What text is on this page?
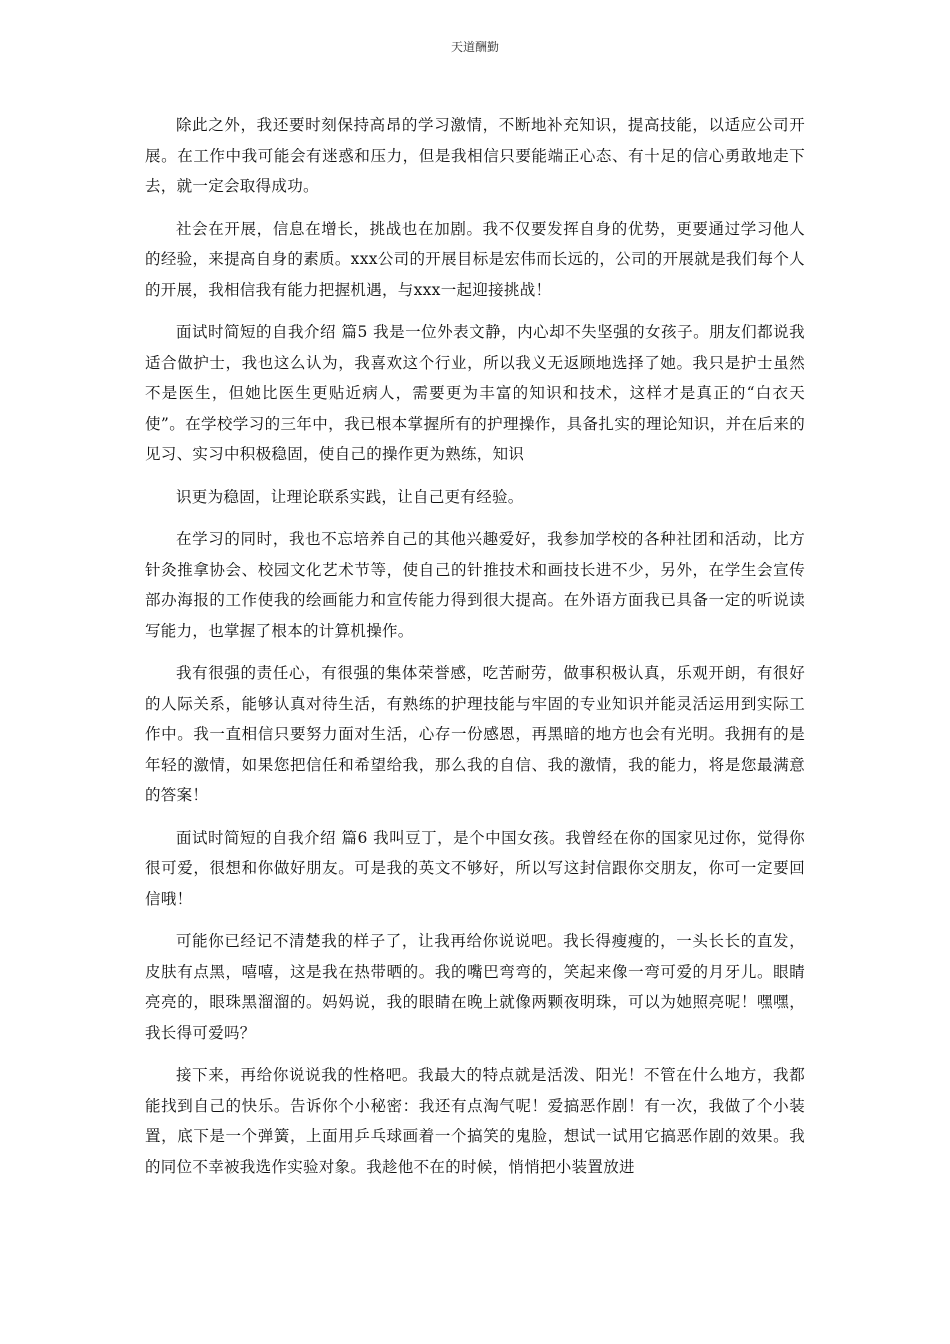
天道酬勤

除此之外，我还要时刻保持高昂的学习激情，不断地补充知识，提高技能，以适应公司开展。在工作中我可能会有迷惑和压力，但是我相信只要能端正心态、有十足的信心勇敢地走下去，就一定会取得成功。

社会在开展，信息在增长，挑战也在加剧。我不仅要发挥自身的优势，更要通过学习他人的经验，来提高自身的素质。xxx公司的开展目标是宏伟而长远的，公司的开展就是我们每个人的开展，我相信我有能力把握机遇，与xxx一起迎接挑战！

面试时简短的自我介绍 篇5 我是一位外表文静，内心却不失坚强的女孩子。朋友们都说我适合做护士，我也这么认为，我喜欢这个行业，所以我义无返顾地选择了她。我只是护士虽然不是医生，但她比医生更贴近病人，需要更为丰富的知识和技术，这样才是真正的“白衣天使”。在学校学习的三年中，我已根本掌握所有的护理操作，具备扎实的理论知识，并在后来的见习、实习中积极稳固，使自己的操作更为熟练，知识

识更为稳固，让理论联系实践，让自己更有经验。

在学习的同时，我也不忘培养自己的其他兴趣爱好，我参加学校的各种社团和活动，比方针灸推拿协会、校园文化艺术节等，使自己的针推技术和画技长进不少，另外，在学生会宣传部办海报的工作使我的绘画能力和宣传能力得到很大提高。在外语方面我已具备一定的听说读写能力，也掌握了根本的计算机操作。

我有很强的责任心，有很强的集体荣誉感，吃苦耐劳，做事积极认真，乐观开朗，有很好的人际关系，能够认真对待生活，有熟练的护理技能与牢固的专业知识并能灵活运用到实际工作中。我一直相信只要努力面对生活，心存一份感恩，再黑暗的地方也会有光明。我拥有的是年轻的激情，如果您把信任和希望给我，那么我的自信、我的激情，我的能力，将是您最满意的答案！

面试时简短的自我介绍 篇6 我叫豆丁，是个中国女孩。我曾经在你的国家见过你，觉得你很可爱，很想和你做好朋友。可是我的英文不够好，所以写这封信跟你交朋友，你可一定要回信哦！

可能你已经记不清楚我的样子了，让我再给你说说吧。我长得瘦瘦的，一头长长的直发，皮肤有点黑，嘻嘻，这是我在热带晒的。我的嘴巴弯弯的，笑起来像一弯可爱的月牙儿。眼睛亮亮的，眼珠黑溜溜的。妈妈说，我的眼睛在晚上就像两颗夜明珠，可以为她照亮呢！嘿嘿，我长得可爱吗？

接下来，再给你说说我的性格吧。我最大的特点就是活泼、阳光！不管在什么地方，我都能找到自己的快乐。告诉你个小秘密：我还有点淘气呢！爱搞恶作剧！有一次，我做了个小装置，底下是一个弹簧，上面用乒乓球画着一个搞笑的鬼脸，想试一试用它搞恶作剧的效果。我的同位不幸被我选作实验对象。我趁他不在的时候，悄悄把小装置放进
